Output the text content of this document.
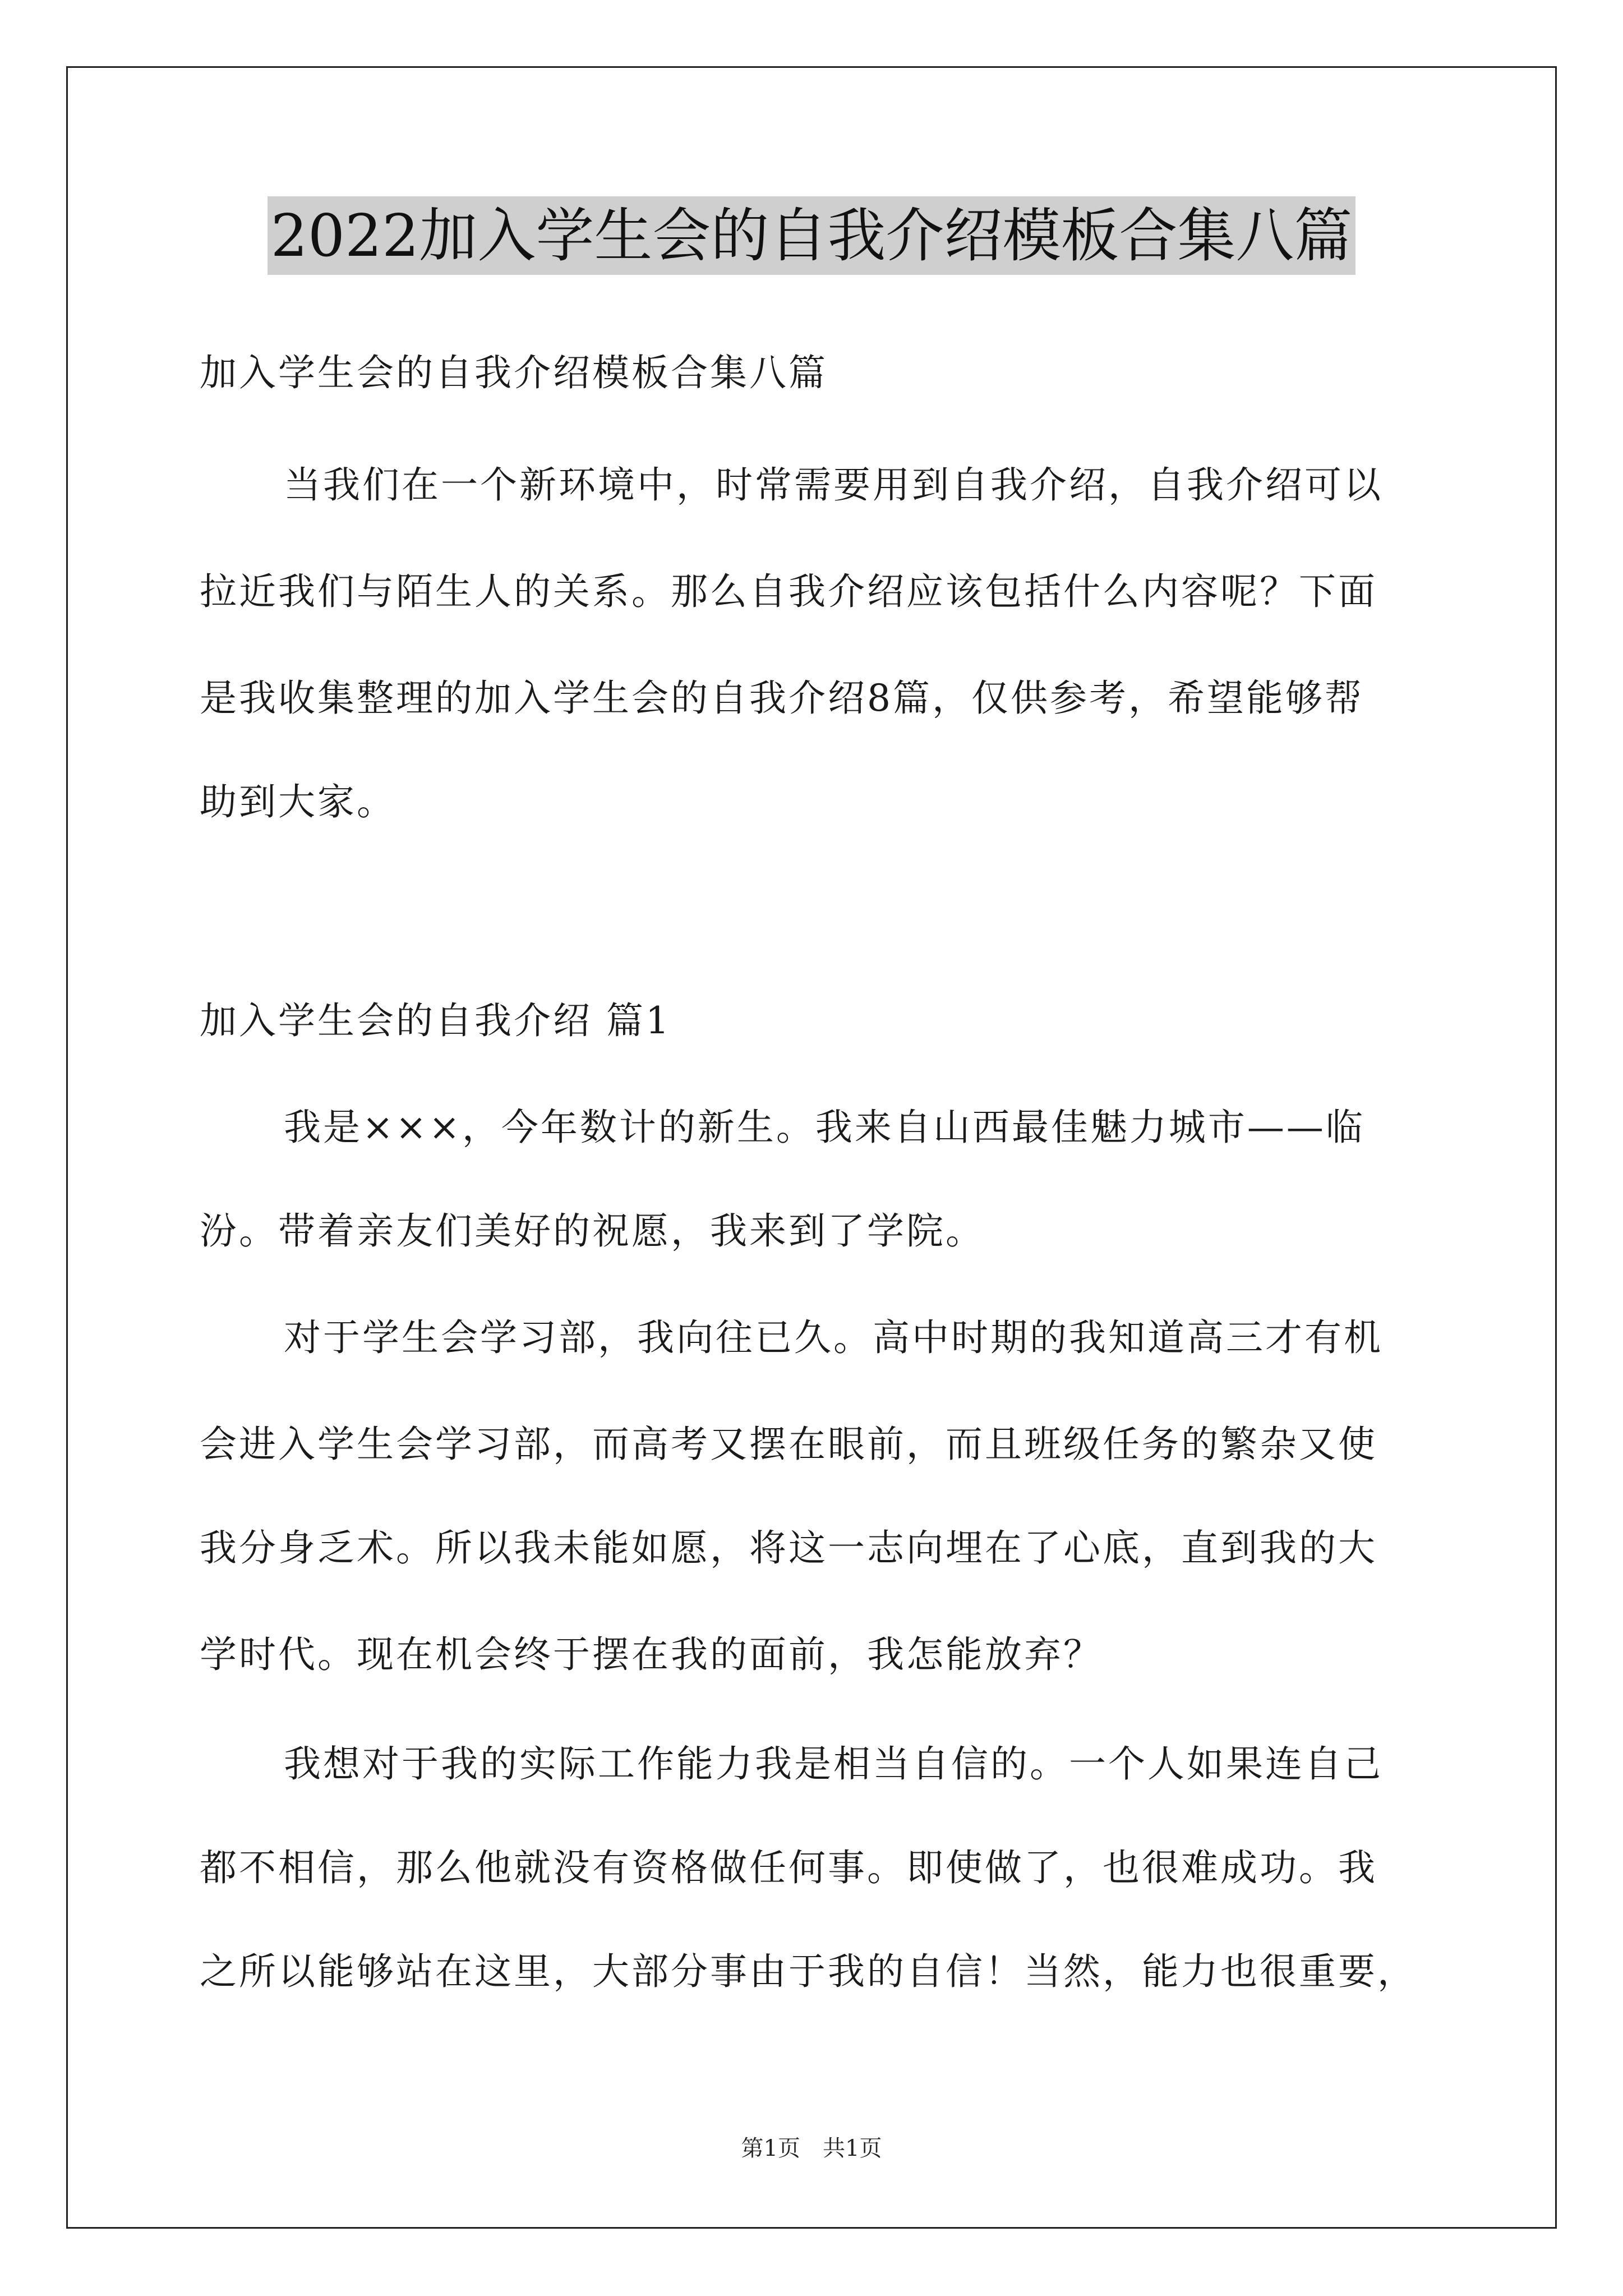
2022加入学生会的自我介绍模板合集八篇
加入学生会的自我介绍模板合集八篇
当我们在一个新环境中，时常需要用到自我介绍，自我介绍可以
拉近我们与陌生人的关系。那么自我介绍应该包括什么内容呢？下面
是我收集整理的加入学生会的自我介绍8篇，仅供参考，希望能够帮
助到大家。
加入学生会的自我介绍 篇1
我是×××，今年数计的新生。我来自山西最佳魅力城市——临
汾。带着亲友们美好的祝愿，我来到了学院。
对于学生会学习部，我向往已久。高中时期的我知道高三才有机
会进入学生会学习部，而高考又摆在眼前，而且班级任务的繁杂又使
我分身乏术。所以我未能如愿，将这一志向埋在了心底，直到我的大
学时代。现在机会终于摆在我的面前，我怎能放弃？
我想对于我的实际工作能力我是相当自信的。一个人如果连自己
都不相信，那么他就没有资格做任何事。即使做了，也很难成功。我
之所以能够站在这里，大部分事由于我的自信！当然，能力也很重要，
第1页　共1页
